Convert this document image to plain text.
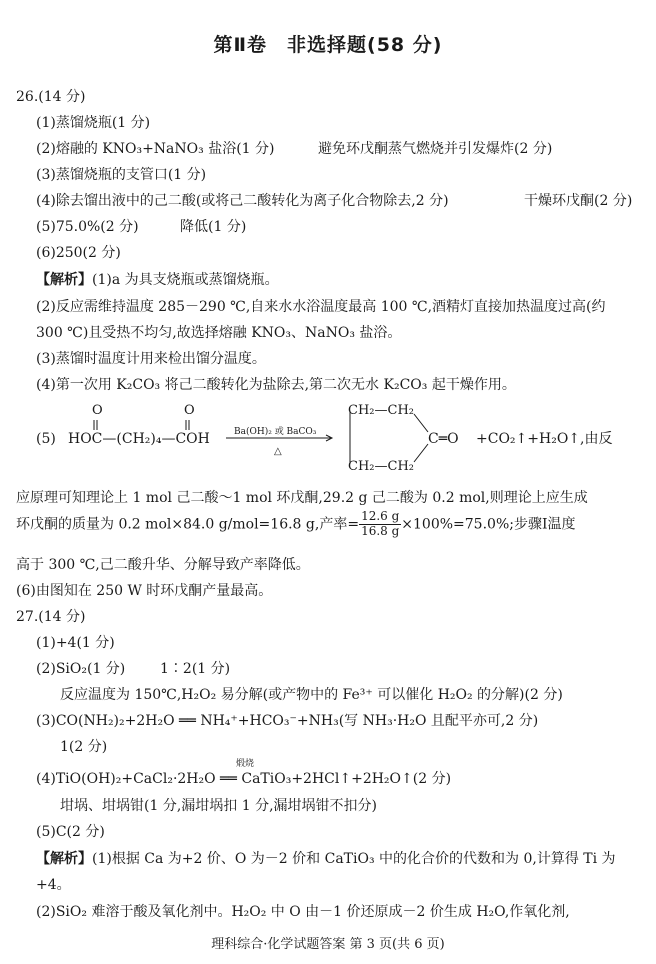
第Ⅱ卷　非选择题(58 分)
26.(14 分)
(1)蒸馏烧瓶(1 分)
(2)熔融的 KNO₃+NaNO₃ 盐浴(1 分)	避免环戊酮蒸气燃烧并引发爆炸(2 分)
(3)蒸馏烧瓶的支管口(1 分)
(4)除去馏出液中的己二酸(或将己二酸转化为离子化合物除去,2 分)	干燥环戊酮(2 分)
(5)75.0%(2 分)	降低(1 分)
(6)250(2 分)
【解析】(1)a 为具支烧瓶或蒸馏烧瓶。
(2)反应需维持温度 285－290 ℃,自来水水浴温度最高 100 ℃,酒精灯直接加热温度过高(约
300 ℃)且受热不均匀,故选择熔融 KNO₃、NaNO₃ 盐浴。
(3)蒸馏时温度计用来检出馏分温度。
(4)第一次用 K₂CO₃ 将己二酸转化为盐除去,第二次无水 K₂CO₃ 起干燥作用。
(5)
O	O
HOC—(CH₂)₄—COH	Ba(OH)₂ 或 BaCO₃
△
CH₂—CH₂
CH₂—CH₂
C═O +CO₂↑+H₂O↑,由反
应原理可知理论上 1 mol 己二酸～1 mol 环戊酮,29.2 g 己二酸为 0.2 mol,则理论上应生成
环戊酮的质量为 0.2 mol×84.0 g/mol=16.8 g,产率= $\frac{12.6 g}{16.8 g} \times 100\%=75.0\%$;步骤Ⅰ温度
高于 300 ℃,己二酸升华、分解导致产率降低。
(6)由图知在 250 W 时环戊酮产量最高。
27.(14 分)
(1)+4(1 分)
(2)SiO₂(1 分) 1∶2(1 分)
反应温度为 150℃,H₂O₂ 易分解(或产物中的 Fe³⁺ 可以催化 H₂O₂ 的分解)(2 分)
(3)CO(NH₂)₂+2H₂O ══ NH₄⁺+HCO₃⁻+NH₃(写 NH₃·H₂O 且配平亦可,2 分)
1(2 分)
煅烧
(4)TiO(OH)₂+CaCl₂·2H₂O ══ CaTiO₃+2HCl↑+2H₂O↑(2 分)
坩埚、坩埚钳(1 分,漏坩埚扣 1 分,漏坩埚钳不扣分)
(5)C(2 分)
【解析】(1)根据 Ca 为+2 价、O 为－2 价和 CaTiO₃ 中的化合价的代数和为 0,计算得 Ti 为
+4。
(2)SiO₂ 难溶于酸及氧化剂中。H₂O₂ 中 O 由－1 价还原成－2 价生成 H₂O,作氧化剂,
理科综合·化学试题答案 第 3 页(共 6 页)
